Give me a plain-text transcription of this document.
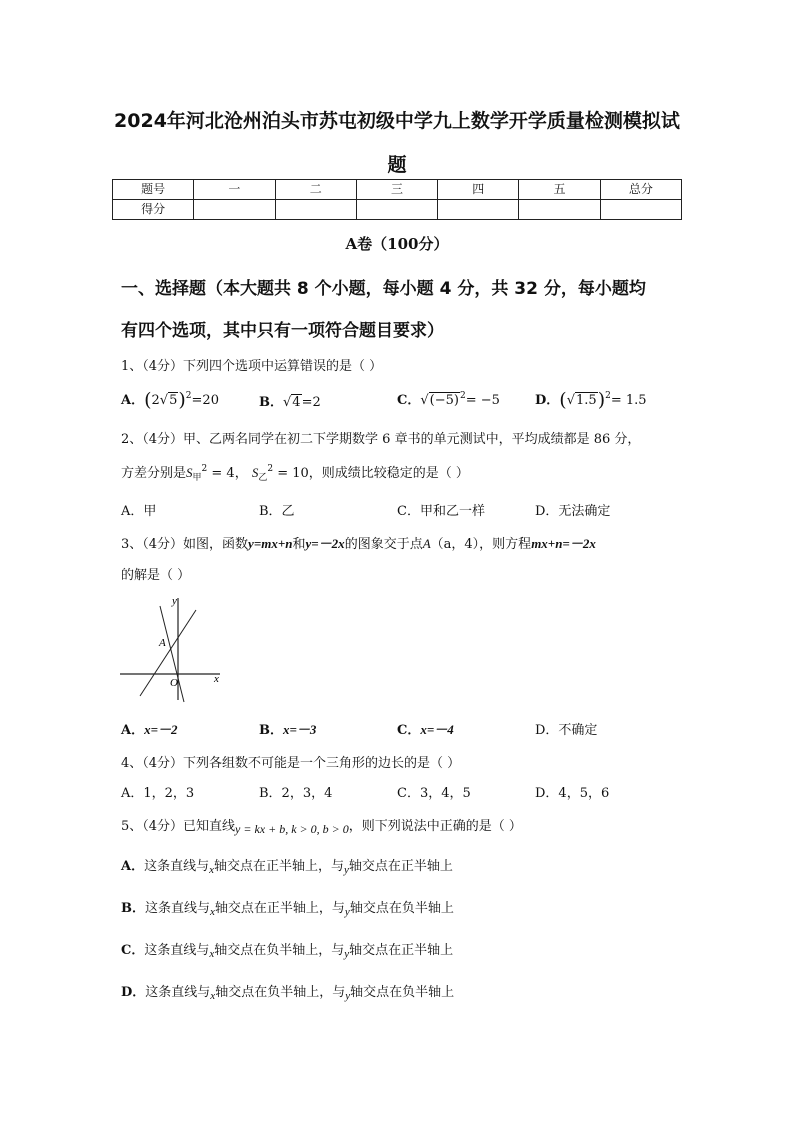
2024年河北沧州泊头市苏屯初级中学九上数学开学质量检测模拟试
题
题号	一	二	三	四	五	总分
得分						
A卷（100分）
一、选择题（本大题共 8 个小题，每小题 4 分，共 32 分，每小题均
有四个选项，其中只有一项符合题目要求）
1、（4分）下列四个选项中运算错误的是（ ）
A．$(2√5)^2=20$	B．√4=2	C．$√(-5)^2= -5$	D．$(√1.5)^2= 1.5$
2、（4分）甲、乙两名同学在初二下学期数学 6 章书的单元测试中，平均成绩都是 86 分，
方差分别是$S_甲^2 = 4$， $S_乙^2 = 10$，则成绩比较稳定的是（ ）
A．甲	B．乙	C．甲和乙一样	D．无法确定
3、（4分）如图，函数y=mx+n和y=－2x的图象交于点A（a，4），则方程mx+n=－2x
的解是（ ）
y
x
O
A
A．x=－2	B．x=－3	C．x=－4	D．不确定
4、（4分）下列各组数不可能是一个三角形的边长的是（ ）
A．1，2，3	B．2，3，4	C．3，4，5	D．4，5，6
5、（4分）已知直线y = kx + b, k > 0, b > 0，则下列说法中正确的是（ ）
A．这条直线与$_x$轴交点在正半轴上，与$_y$轴交点在正半轴上
B．这条直线与$_x$轴交点在正半轴上，与$_y$轴交点在负半轴上
C．这条直线与$_x$轴交点在负半轴上，与$_y$轴交点在正半轴上
D．这条直线与$_x$轴交点在负半轴上，与$_y$轴交点在负半轴上
